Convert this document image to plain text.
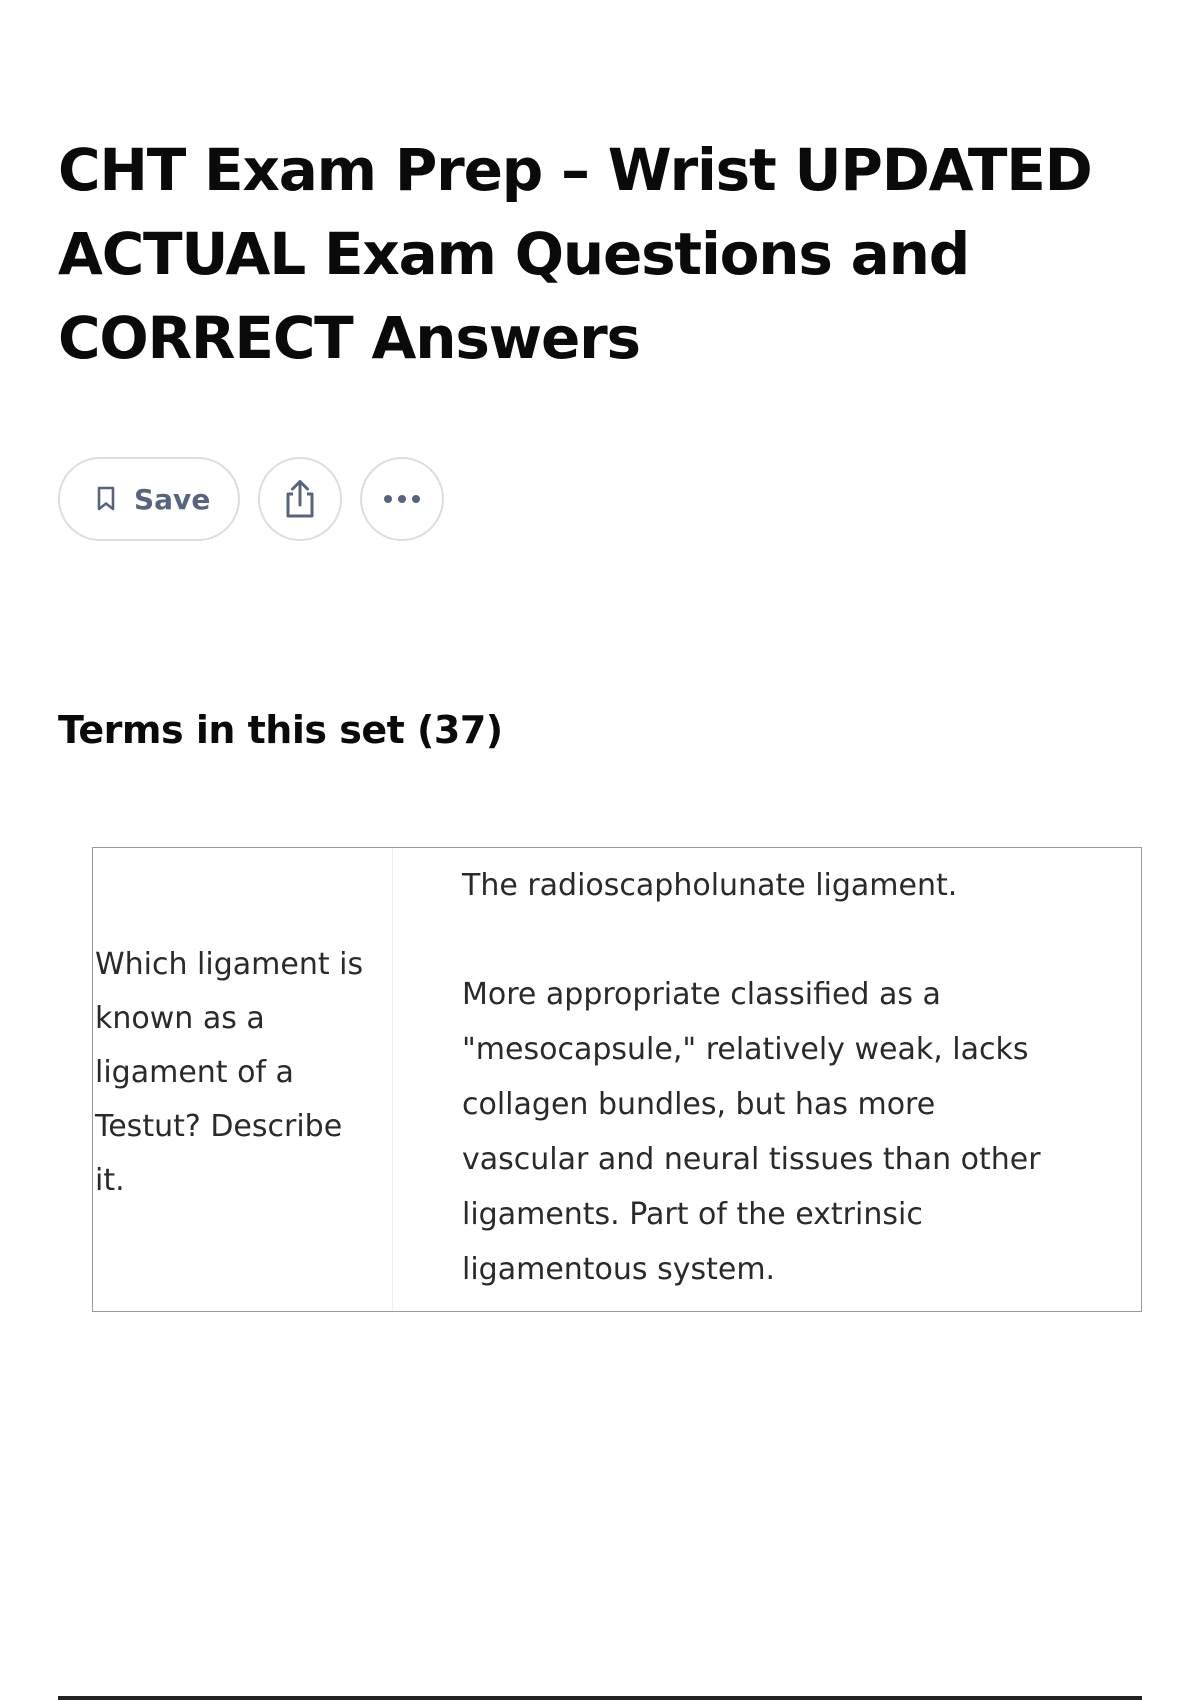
CHT Exam Prep – Wrist UPDATED ACTUAL Exam Questions and CORRECT Answers
Save
Terms in this set (37)
Which ligament is known as a ligament of a Testut? Describe it.
The radioscapholunate ligament.
More appropriate classified as a "mesocapsule," relatively weak, lacks collagen bundles, but has more vascular and neural tissues than other ligaments. Part of the extrinsic ligamentous system.
